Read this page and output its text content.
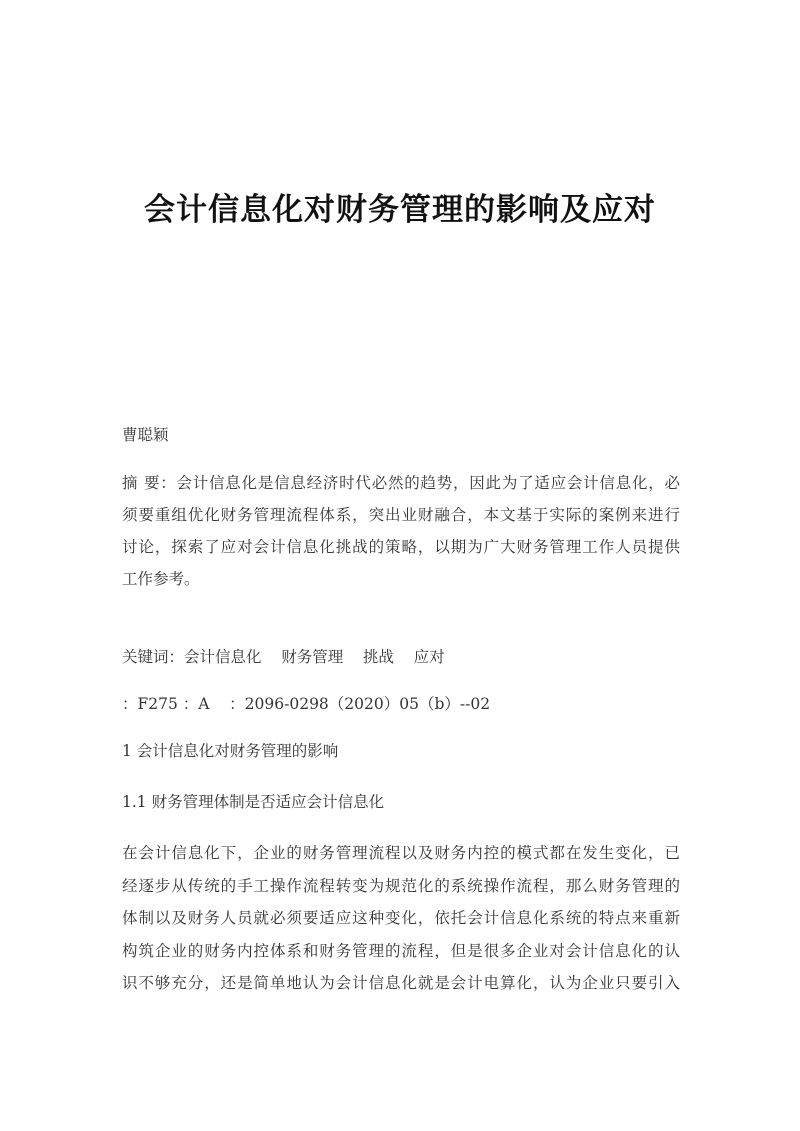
会计信息化对财务管理的影响及应对
曹聪颖
摘 要：会计信息化是信息经济时代必然的趋势，因此为了适应会计信息化，必
须要重组优化财务管理流程体系，突出业财融合，本文基于实际的案例来进行
讨论，探索了应对会计信息化挑战的策略，以期为广大财务管理工作人员提供
工作参考。
关键词：会计信息化    财务管理    挑战    应对
：F275 ：A    ：2096-0298（2020）05（b）--02
1 会计信息化对财务管理的影响
1.1 财务管理体制是否适应会计信息化
在会计信息化下，企业的财务管理流程以及财务内控的模式都在发生变化，已
经逐步从传统的手工操作流程转变为规范化的系统操作流程，那么财务管理的
体制以及财务人员就必须要适应这种变化，依托会计信息化系统的特点来重新
构筑企业的财务内控体系和财务管理的流程，但是很多企业对会计信息化的认
识不够充分，还是简单地认为会计信息化就是会计电算化，认为企业只要引入
